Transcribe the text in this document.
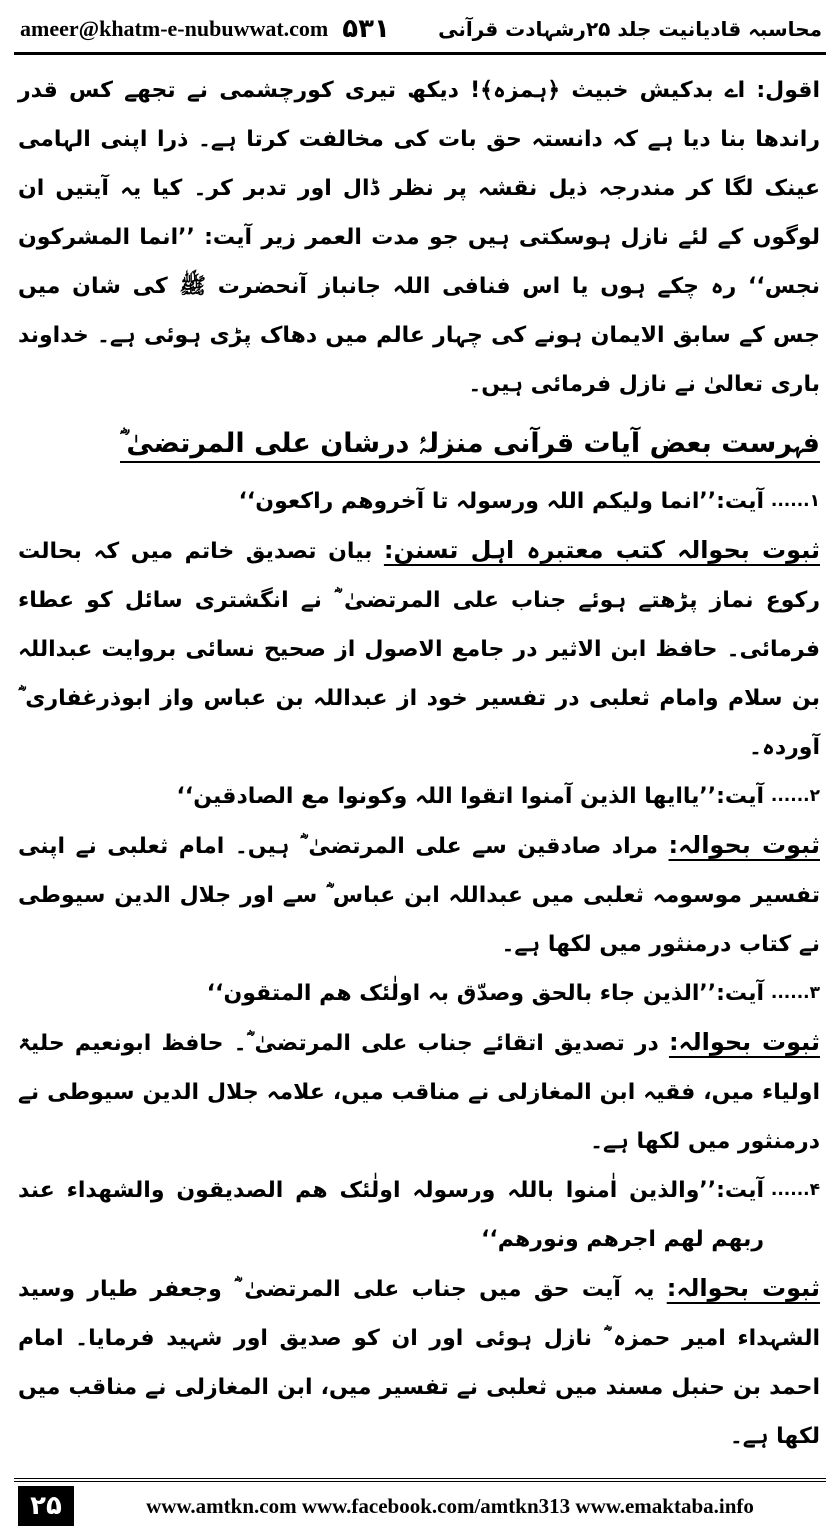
ameer@khatm-e-nubuwwat.com ۵۳۱ محاسبہ قادیانیت جلد ۲۵رشہادت قرآنی

اقول: اے بدکیش خبیث ﴿ہمزہ﴾! دیکھ تیری کورچشمی نے تجھے کس قدر راندھا بنا دیا ہے کہ دانستہ حق بات کی مخالفت کرتا ہے۔ ذرا اپنی الہامی عینک لگا کر مندرجہ ذیل نقشہ پر نظر ڈال اور تدبر کر۔ کیا یہ آیتیں ان لوگوں کے لئے نازل ہوسکتی ہیں جو مدت العمر زیر آیت: ’’انما المشرکون نجس‘‘ رہ چکے ہوں یا اس فنافی اللہ جانباز آنحضرت ﷺ کی شان میں جس کے سابق الایمان ہونے کی چہار عالم میں دھاک پڑی ہوئی ہے۔ خداوند باری تعالیٰ نے نازل فرمائی ہیں۔

فہرست بعض آیات قرآنی منزلۂ درشان علی المرتضیٰ ؓ

۱......
آیت:’’انما ولیکم اللہ ورسولہ تا آخروھم راکعون‘‘

ثبوت بحوالہ کتب معتبرہ اہل تسنن: بیان تصدیق خاتم میں کہ بحالت رکوع نماز پڑھتے ہوئے جناب علی المرتضیٰ ؓ نے انگشتری سائل کو عطاء فرمائی۔ حافظ ابن الاثیر در جامع الاصول از صحیح نسائی بروایت عبداللہ بن سلام وامام ثعلبی در تفسیر خود از عبداللہ بن عباس واز ابوذرغفاری ؓ آوردہ۔

۲......
آیت:’’یاایھا الذین آمنوا اتقوا اللہ وکونوا مع الصادقین‘‘

ثبوت بحوالہ: مراد صادقین سے علی المرتضیٰ ؓ ہیں۔ امام ثعلبی نے اپنی تفسیر موسومہ ثعلبی میں عبداللہ ابن عباس ؓ سے اور جلال الدین سیوطی نے کتاب درمنثور میں لکھا ہے۔

۳......
آیت:’’الذین جاء بالحق وصدّق بہ اولٰئک ھم المتقون‘‘

ثبوت بحوالہ: در تصدیق اتقائے جناب علی المرتضیٰ ؓ۔ حافظ ابونعیم حلیۃ اولیاء میں، فقیہ ابن المغازلی نے مناقب میں، علامہ جلال الدین سیوطی نے درمنثور میں لکھا ہے۔

۴......
آیت:’’والذین اٰمنوا باللہ ورسولہ اولٰئک ھم الصدیقون والشھداء عند ربھم لھم اجرھم ونورھم‘‘

ثبوت بحوالہ: یہ آیت حق میں جناب علی المرتضیٰ ؓ وجعفر طیار وسید الشہداء امیر حمزہ ؓ نازل ہوئی اور ان کو صدیق اور شہید فرمایا۔ امام احمد بن حنبل مسند میں ثعلبی نے تفسیر میں، ابن المغازلی نے مناقب میں لکھا ہے۔

۲۵	www.amtkn.com www.facebook.com/amtkn313 www.emaktaba.info
